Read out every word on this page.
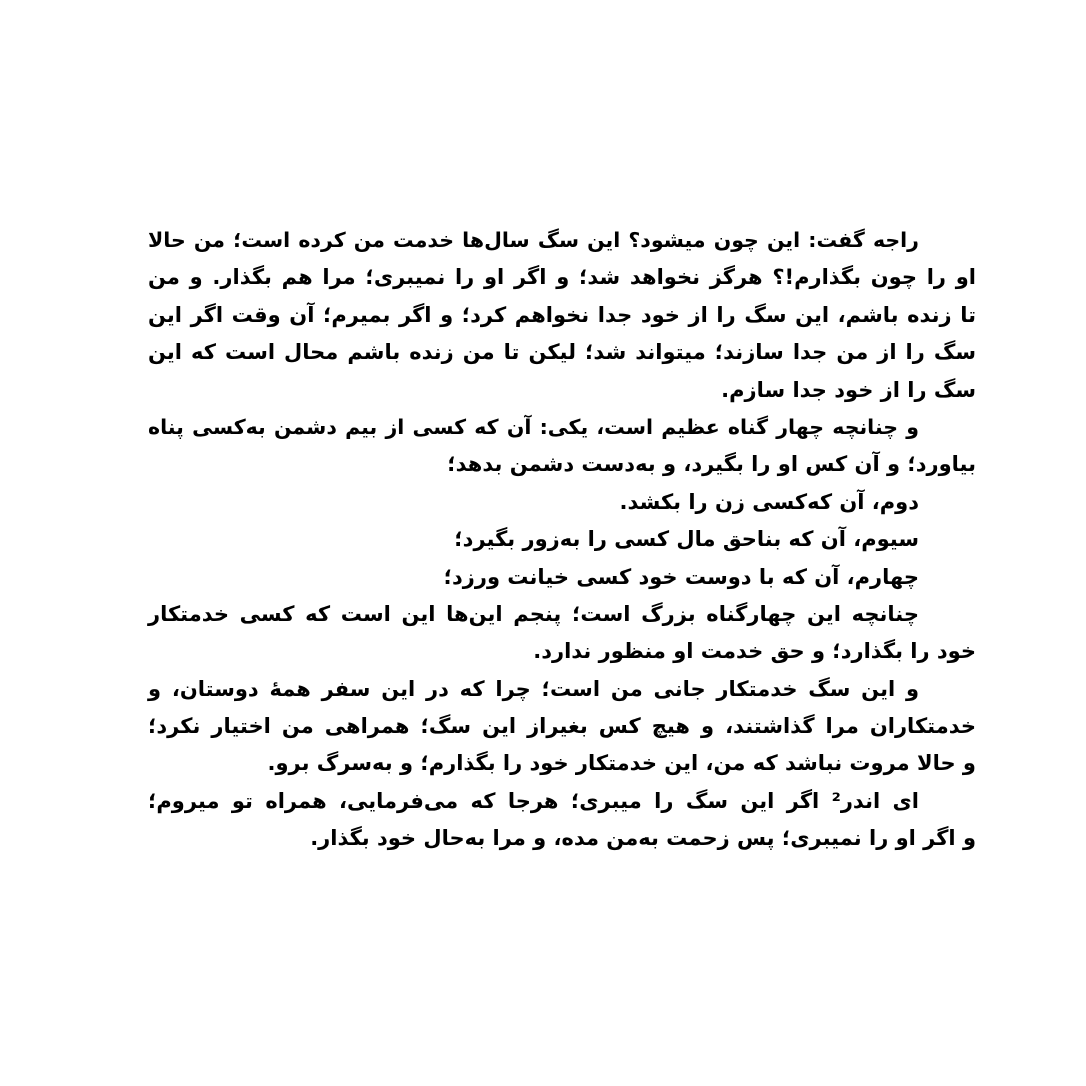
راجه گفت: این چون میشود؟ این سگ سال‌ها خدمت من کرده است؛ من حالا
او را چون بگذارم!؟ هرگز نخواهد شد؛ و اگر او را نمیبری؛ مرا هم بگذار. و من
تا زنده باشم، این سگ را از خود جدا نخواهم کرد؛ و اگر بمیرم؛ آن وقت اگر این
سگ را از من جدا سازند؛ میتواند شد؛ لیکن تا من زنده باشم محال است که این
سگ را از خود جدا سازم.
و چنانچه چهار گناه عظیم است، یکی: آن که کسی از بیم دشمن به‌کسی پناه
بیاورد؛ و آن کس او را بگیرد، و به‌دست دشمن بدهد؛
دوم، آن که‌کسی زن را بکشد.
سیوم، آن که بناحق مال کسی را به‌زور بگیرد؛
چهارم، آن که با دوست خود کسی خیانت ورزد؛
چنانچه این چهارگناه بزرگ است؛ پنجم این‌ها این است که کسی خدمتکار
خود را بگذارد؛ و حق خدمت او منظور ندارد.
و این سگ خدمتکار جانی من است؛ چرا که در این سفر همهٔ دوستان، و
خدمتکاران مرا گذاشتند، و هیچ کس بغیراز این سگ؛ همراهی من اختیار نکرد؛
و حالا مروت نباشد که من، این خدمتکار خود را بگذارم؛ و به‌سرگ برو.
ای اندر² اگر این سگ را میبری؛ هرجا که می‌فرمایی، همراه تو میروم؛
و اگر او را نمیبری؛ پس زحمت به‌من مده، و مرا به‌حال خود بگذار.
